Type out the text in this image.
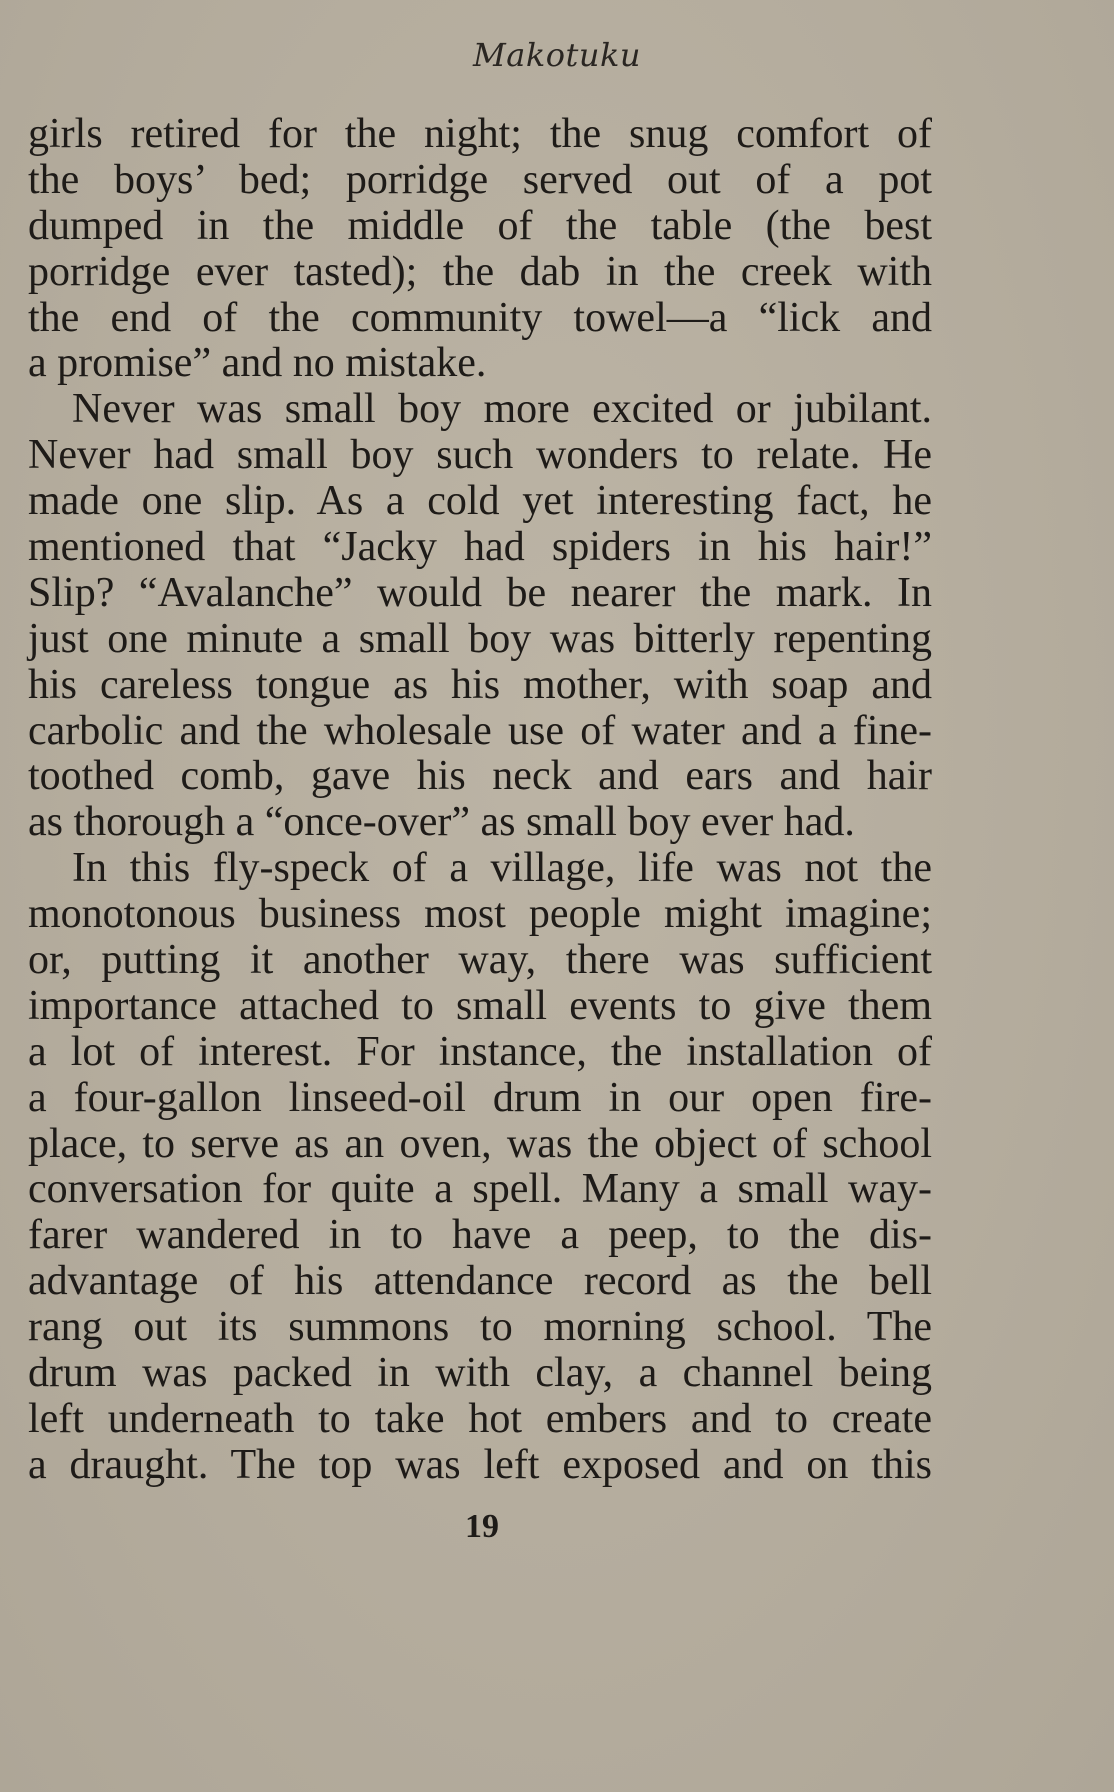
Makotuku
girls retired for the night; the snug comfort of
the boys’ bed; porridge served out of a pot
dumped in the middle of the table (the best
porridge ever tasted); the dab in the creek with
the end of the community towel—a “lick and
a promise” and no mistake.
Never was small boy more excited or jubilant.
Never had small boy such wonders to relate. He
made one slip. As a cold yet interesting fact, he
mentioned that “Jacky had spiders in his hair!”
Slip? “Avalanche” would be nearer the mark. In
just one minute a small boy was bitterly repenting
his careless tongue as his mother, with soap and
carbolic and the wholesale use of water and a fine-
toothed comb, gave his neck and ears and hair
as thorough a “once-over” as small boy ever had.
In this fly-speck of a village, life was not the
monotonous business most people might imagine;
or, putting it another way, there was sufficient
importance attached to small events to give them
a lot of interest. For instance, the installation of
a four-gallon linseed-oil drum in our open fire-
place, to serve as an oven, was the object of school
conversation for quite a spell. Many a small way-
farer wandered in to have a peep, to the dis-
advantage of his attendance record as the bell
rang out its summons to morning school. The
drum was packed in with clay, a channel being
left underneath to take hot embers and to create
a draught. The top was left exposed and on this
19
